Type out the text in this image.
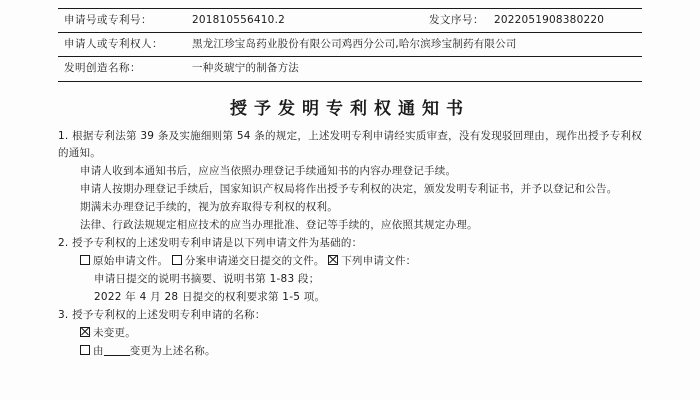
申请号或专利号：	201810556410.2	发文序号：	2022051908380220
申请人或专利权人：	黑龙江珍宝岛药业股份有限公司鸡西分公司,哈尔滨珍宝制药有限公司		
发明创造名称：	一种炎琥宁的制备方法		
授予发明专利权通知书
1. 根据专利法第 39 条及实施细则第 54 条的规定，上述发明专利申请经实质审查，没有发现驳回理由，现作出授予专利权的通知。
申请人收到本通知书后，应应当依照办理登记手续通知书的内容办理登记手续。
申请人按期办理登记手续后，国家知识产权局将作出授予专利权的决定，颁发发明专利证书，并予以登记和公告。
期满未办理登记手续的，视为放弃取得专利权的权利。
法律、行政法规规定相应技术的应当办理批准、登记等手续的，应依照其规定办理。
2. 授予专利权的上述发明专利申请是以下列申请文件为基础的：
原始申请文件。 分案申请递交日提交的文件。 下列申请文件：
申请日提交的说明书摘要、说明书第 1-83 段；
2022 年 4 月 28 日提交的权利要求第 1-5 项。
3. 授予专利权的上述发明专利申请的名称：
未变更。
由 变更为上述名称。
